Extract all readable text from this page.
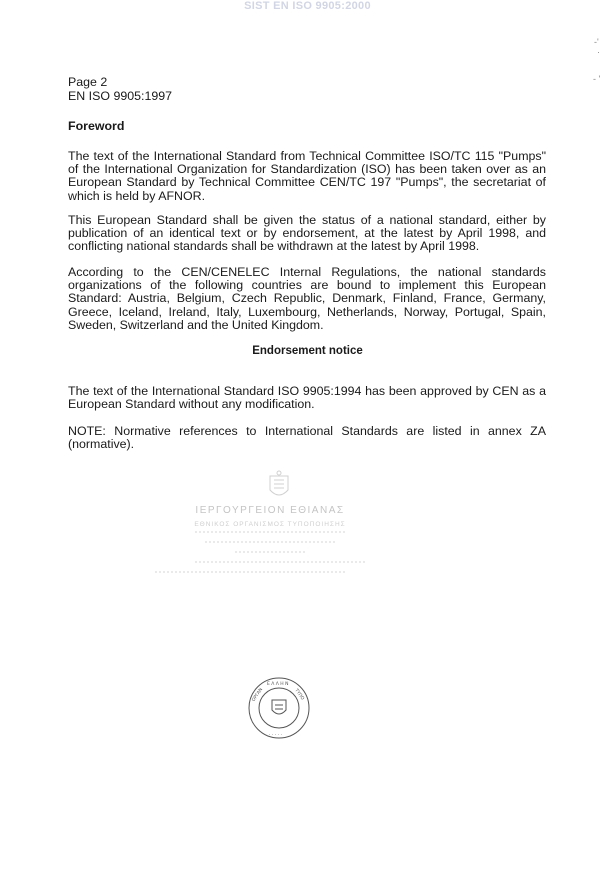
SIST EN ISO 9905:2000
-'
·
- '
Page 2
EN ISO 9905:1997
Foreword

The text of the International Standard from Technical Committee ISO/TC 115 "Pumps" of the International Organization for Standardization (ISO) has been taken over as an European Standard by Technical Committee CEN/TC 197 "Pumps", the secretariat of which is held by AFNOR.

This European Standard shall be given the status of a national standard, either by publication of an identical text or by endorsement, at the latest by April 1998, and conflicting national standards shall be withdrawn at the latest by April 1998.

According to the CEN/CENELEC Internal Regulations, the national standards organizations of the following countries are bound to implement this European Standard: Austria, Belgium, Czech Republic, Denmark, Finland, France, Germany, Greece, Iceland, Ireland, Italy, Luxembourg, Netherlands, Norway, Portugal, Spain, Sweden, Switzerland and the United Kingdom.

Endorsement notice

The text of the International Standard ISO 9905:1994 has been approved by CEN as a European Standard without any modification.

NOTE: Normative references to International Standards are listed in annex ZA (normative).

ΙΕΡΓΟΥΡΓΕΙΟΝ ΕΘΙΑΝΑΣ
ΕΘΝΙΚΟΣ ΟΡΓΑΝΙΣΜΟΣ ΤΥΠΟΠΟΙΗΣΗΣ
Ε Λ Λ Η Ν
ΟΡΓΑΝ	ΤΥΠΟ
· · · · ·
